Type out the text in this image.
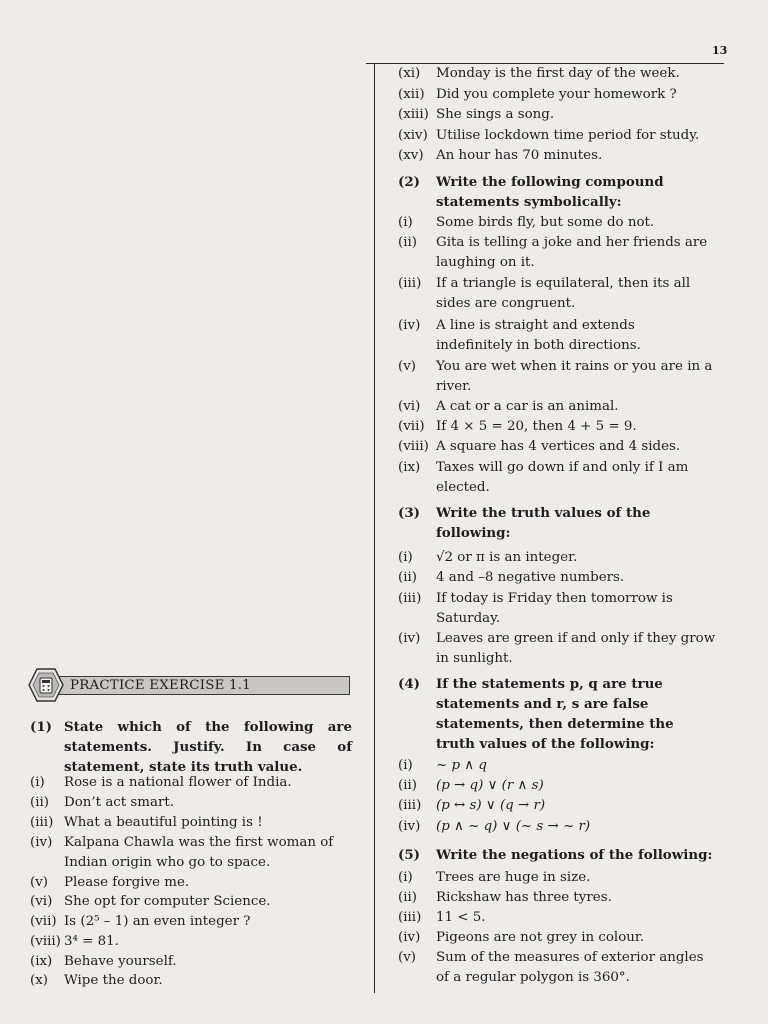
13
PRACTICE EXERCISE 1.1
(1) State which of the following are
statements. Justify. In case of
statement, state its truth value.
(i)	Rose is a national flower of India.
(ii)	Don’t act smart.
(iii) What a beautiful pointing is !
(iv) Kalpana Chawla was the first woman of Indian origin who go to space.
(v)	Please forgive me.
(vi) She opt for computer Science.
(vii) Is (2⁵ – 1) an even integer ?
(viii) 3⁴ = 81.
(ix) Behave yourself.
(x)	Wipe the door.
(xi)	Monday is the first day of the week.
(xii) Did you complete your homework ?
(xiii) She sings a song.
(xiv) Utilise lockdown time period for study.
(xv) An hour has 70 minutes.
(2)	Write the following compound statements symbolically:
(i)	Some birds fly, but some do not.
(ii)	Gita is telling a joke and her friends are laughing on it.
(iii)	If a triangle is equilateral, then its all sides are congruent.
(iv)	A line is straight and extends indefinitely in both directions.
(v)	You are wet when it rains or you are in a river.
(vi)	A cat or a car is an animal.
(vii) If 4 × 5 = 20, then 4 + 5 = 9.
(viii) A square has 4 vertices and 4 sides.
(ix)	Taxes will go down if and only if I am elected.
(3)	Write the truth values of the following:
(i)	√2 or π is an integer.
(ii)	4 and –8 negative numbers.
(iii)	If today is Friday then tomorrow is Saturday.
(iv)	Leaves are green if and only if they grow in sunlight.
(4)	If the statements p, q are true statements and r, s are false statements, then determine the truth values of the following:
(i)	~ p ∧ q
(ii)	(p → q) ∨ (r ∧ s)
(iii)	(p ↔ s) ∨ (q → r)
(iv)	(p ∧ ~ q) ∨ (~ s → ~ r)
(5)	Write the negations of the following:
(i)	Trees are huge in size.
(ii)	Rickshaw has three tyres.
(iii)	11 < 5.
(iv)	Pigeons are not grey in colour.
(v)	Sum of the measures of exterior angles of a regular polygon is 360°.
